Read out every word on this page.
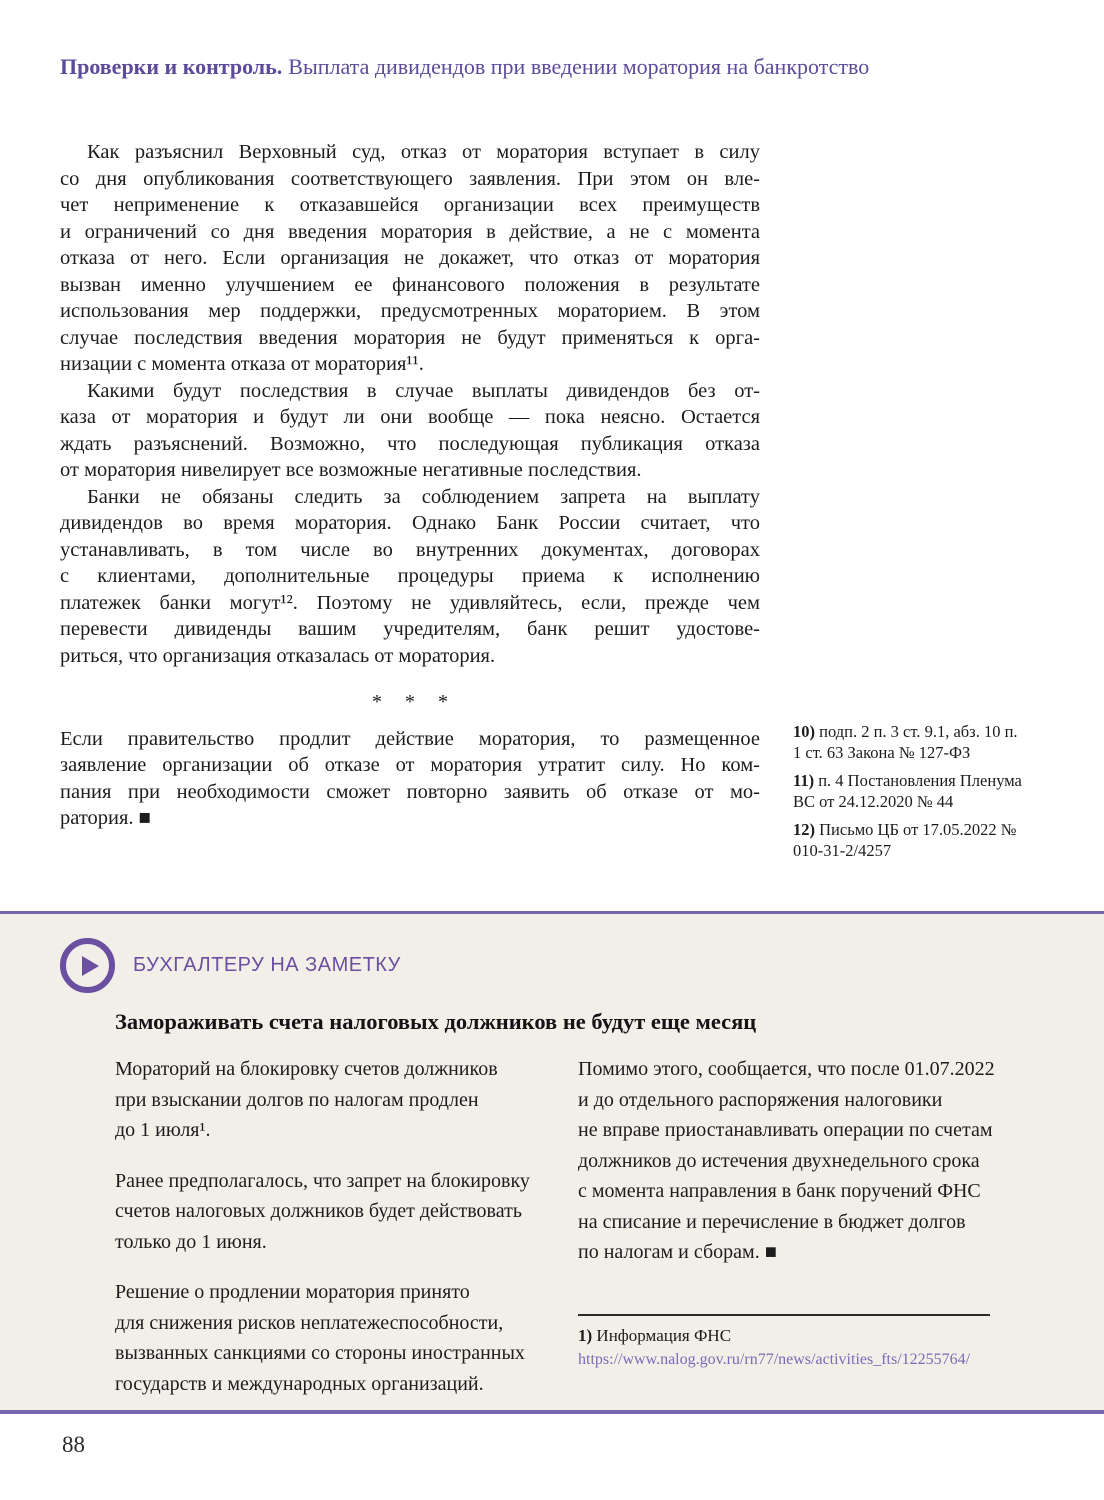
Проверки и контроль. Выплата дивидендов при введении моратория на банкротство
Как разъяснил Верховный суд, отказ от моратория вступает в силу
со дня опубликования соответствующего заявления. При этом он вле-
чет неприменение к отказавшейся организации всех преимуществ
и ограничений со дня введения моратория в действие, а не с момента
отказа от него. Если организация не докажет, что отказ от моратория
вызван именно улучшением ее финансового положения в результате
использования мер поддержки, предусмотренных мораторием. В этом
случае последствия введения моратория не будут применяться к орга-
низации с момента отказа от моратория¹¹.
Какими будут последствия в случае выплаты дивидендов без от-
каза от моратория и будут ли они вообще — пока неясно. Остается
ждать разъяснений. Возможно, что последующая публикация отказа
от моратория нивелирует все возможные негативные последствия.
Банки не обязаны следить за соблюдением запрета на выплату
дивидендов во время моратория. Однако Банк России считает, что
устанавливать, в том числе во внутренних документах, договорах
с клиентами, дополнительные процедуры приема к исполнению
платежек банки могут¹². Поэтому не удивляйтесь, если, прежде чем
перевести дивиденды вашим учредителям, банк решит удостове-
риться, что организация отказалась от моратория.
* * *
Если правительство продлит действие моратория, то размещенное
заявление организации об отказе от моратория утратит силу. Но ком-
пания при необходимости сможет повторно заявить об отказе от мо-
ратория. ■
10) подп. 2 п. 3 ст. 9.1, абз. 10 п. 1 ст. 63 Закона № 127-ФЗ
11) п. 4 Постановления Пленума ВС от 24.12.2020 № 44
12) Письмо ЦБ от 17.05.2022 № 010-31-2/4257
БУХГАЛТЕРУ НА ЗАМЕТКУ
Замораживать счета налоговых должников не будут еще месяц
Мораторий на блокировку счетов должников
при взыскании долгов по налогам продлен
до 1 июля¹.
Ранее предполагалось, что запрет на блокировку
счетов налоговых должников будет действовать
только до 1 июня.
Решение о продлении моратория принято
для снижения рисков неплатежеспособности,
вызванных санкциями со стороны иностранных
государств и международных организаций.
Помимо этого, сообщается, что после 01.07.2022
и до отдельного распоряжения налоговики
не вправе приостанавливать операции по счетам
должников до истечения двухнедельного срока
с момента направления в банк поручений ФНС
на списание и перечисление в бюджет долгов
по налогам и сборам. ■
1) Информация ФНС
https://www.nalog.gov.ru/rn77/news/activities_fts/12255764/
88
